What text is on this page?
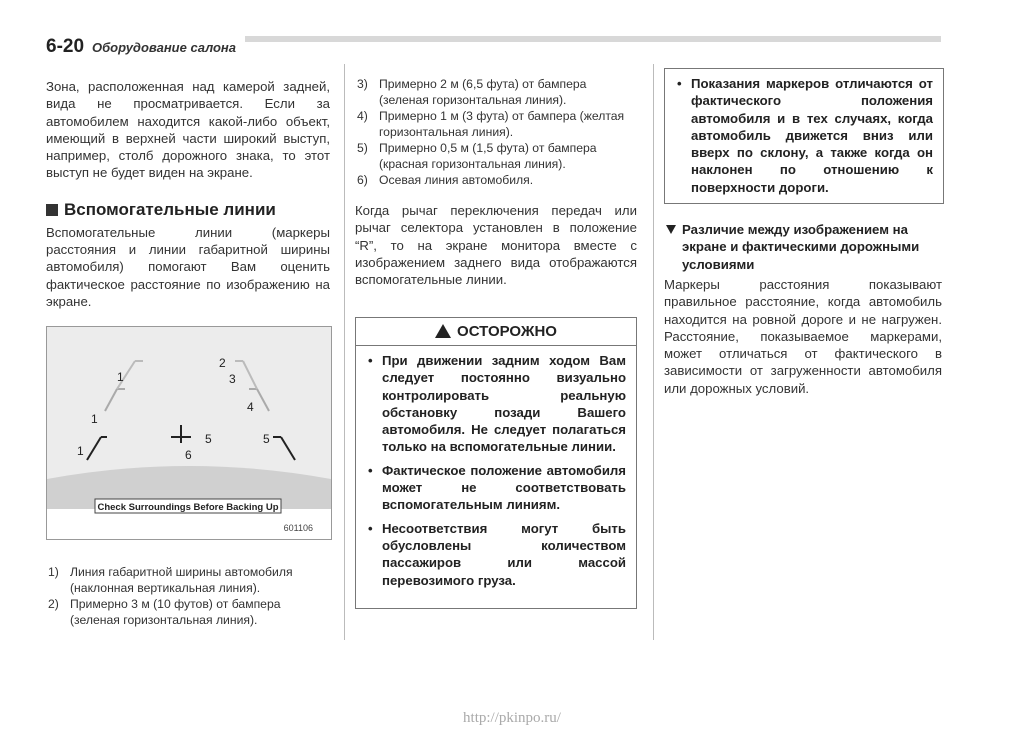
6-20 Оборудование салона
Зона, расположенная над камерой задней, вида не просматривается. Если за автомобилем находится какой-либо объект, имеющий в верхней части широкий выступ, например, столб дорожного знака, то этот выступ не будет виден на экране.
Вспомогательные линии
Вспомогательные линии (маркеры расстояния и линии габаритной ширины автомобиля) помогают Вам оценить фактическое расстояние по изображению на экране.
1
1
1
2
3
4
5
6
5
Check Surroundings Before Backing Up
601106
1) Линия габаритной ширины автомобиля (наклонная вертикальная линия).
2) Примерно 3 м (10 футов) от бампера (зеленая горизонтальная линия).
3) Примерно 2 м (6,5 фута) от бампера (зеленая горизонтальная линия).
4) Примерно 1 м (3 фута) от бампера (желтая горизонтальная линия).
5) Примерно 0,5 м (1,5 фута) от бампера (красная горизонтальная линия).
6) Осевая линия автомобиля.
Когда рычаг переключения передач или рычаг селектора установлен в положение “R”, то на экране монитора вместе с изображением заднего вида отображаются вспомогательные линии.
ОСТОРОЖНО
• При движении задним ходом Вам следует постоянно визуально контролировать реальную обстановку позади Вашего автомобиля. Не следует полагаться только на вспомогательные линии.
• Фактическое положение автомобиля может не соответствовать вспомогательным линиям.
• Несоответствия могут быть обусловлены количеством пассажиров или массой перевозимого груза.
• Показания маркеров отличаются от фактического положения автомобиля и в тех случаях, когда автомобиль движется вниз или вверх по склону, а также когда он наклонен по отношению к поверхности дороги.
Различие между изображением на экране и фактическими дорожными условиями
Маркеры расстояния показывают правильное расстояние, когда автомобиль находится на ровной дороге и не нагружен. Расстояние, показываемое маркерами, может отличаться от фактического в зависимости от загруженности автомобиля или дорожных условий.
http://pkinpo.ru/
